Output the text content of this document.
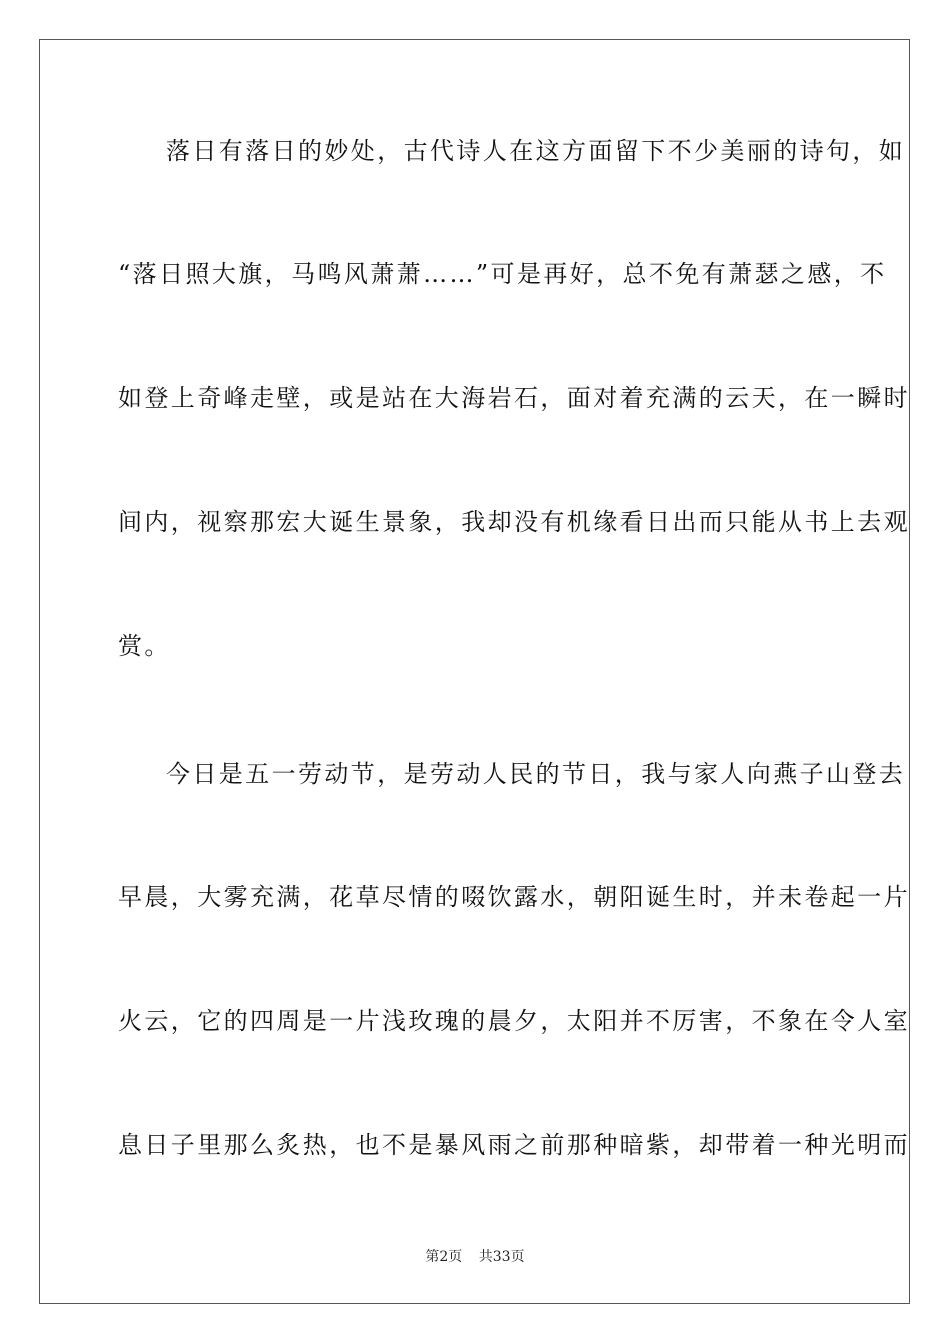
落日有落日的妙处，古代诗人在这方面留下不少美丽的诗句，如
“落日照大旗，马鸣风萧萧……”可是再好，总不免有萧瑟之感，不
如登上奇峰走壁，或是站在大海岩石，面对着充满的云天，在一瞬时
间内，视察那宏大诞生景象，我却没有机缘看日出而只能从书上去观
赏。
今日是五一劳动节，是劳动人民的节日，我与家人向燕子山登去
早晨，大雾充满，花草尽情的啜饮露水，朝阳诞生时，并未卷起一片
火云，它的四周是一片浅玫瑰的晨夕，太阳并不厉害，不象在令人室
息日子里那么炙热，也不是暴风雨之前那种暗紫，却带着一种光明而
第2页 共33页
